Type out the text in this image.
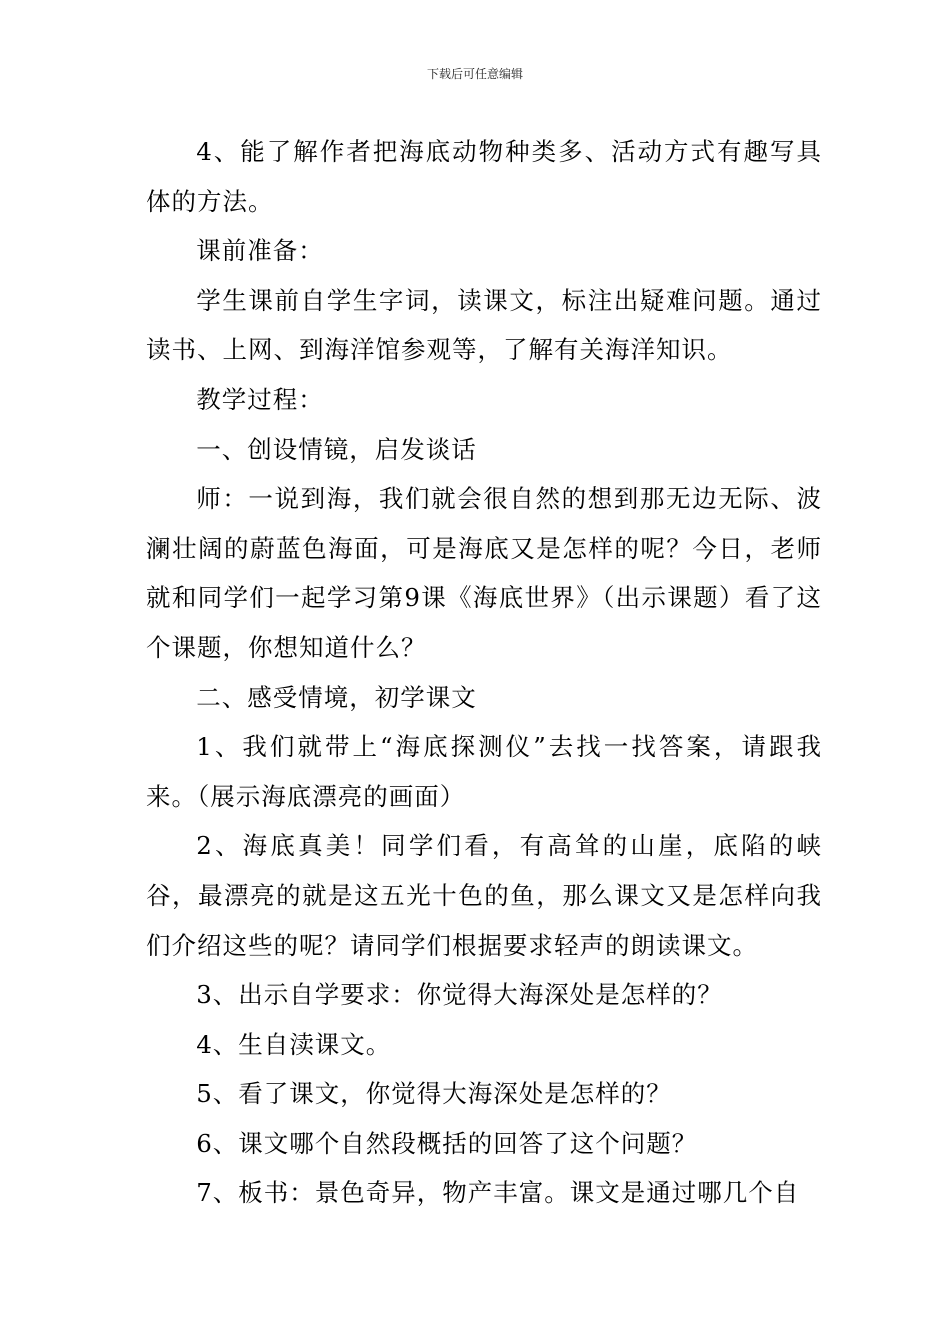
下载后可任意编辑

4、能了解作者把海底动物种类多、活动方式有趣写具体的方法。

课前准备：

学生课前自学生字词，读课文，标注出疑难问题。通过读书、上网、到海洋馆参观等，了解有关海洋知识。

教学过程：

一、创设情镜，启发谈话

师：一说到海，我们就会很自然的想到那无边无际、波澜壮阔的蔚蓝色海面，可是海底又是怎样的呢？今日，老师就和同学们一起学习第9课《海底世界》（出示课题）看了这个课题，你想知道什么？

二、感受情境，初学课文

1、我们就带上“海底探测仪”去找一找答案，请跟我来。（展示海底漂亮的画面）

2、海底真美！同学们看，有高耸的山崖，底陷的峡谷，最漂亮的就是这五光十色的鱼，那么课文又是怎样向我们介绍这些的呢？请同学们根据要求轻声的朗读课文。

3、出示自学要求：你觉得大海深处是怎样的？

4、生自渎课文。

5、看了课文，你觉得大海深处是怎样的？

6、课文哪个自然段概括的回答了这个问题？

7、板书：景色奇异，物产丰富。课文是通过哪几个自
